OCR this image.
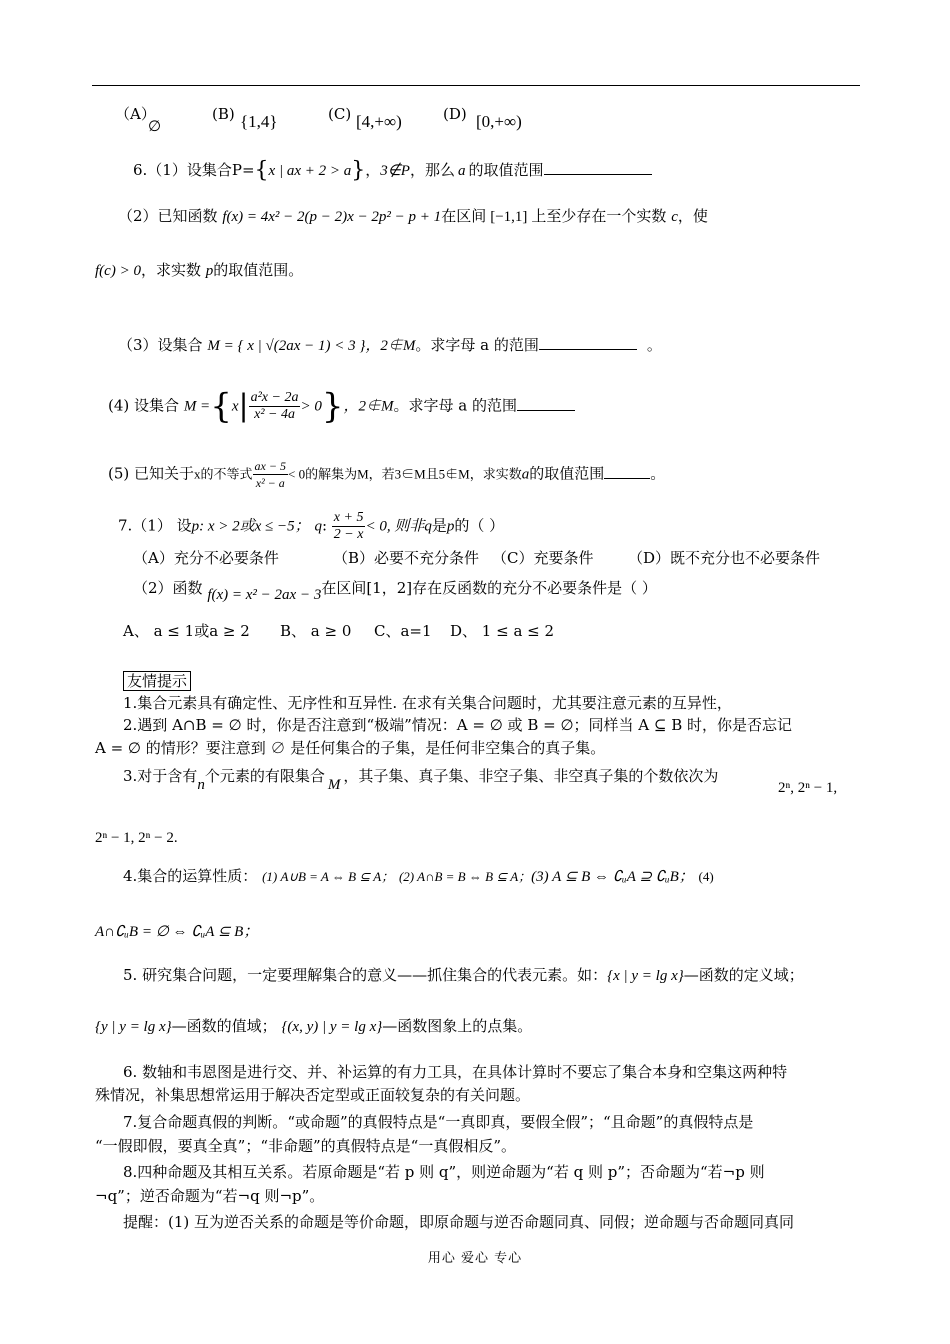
（A）
∅
(B) {1,4}	(C) [4,+∞)	(D) [0,+∞)
6.（1）设集合P={x | ax + 2 > a}，3∉P，那么 a 的取值范围
（2）已知函数 f(x) = 4x² − 2(p − 2)x − 2p² − p + 1在区间 [−1,1] 上至少存在一个实数 c，使
f(c) > 0，求实数 p的取值范围。
（3）设集合 M = { x | √(2ax − 1) < 3 }，2∉M。求字母 a 的范围	。
(4) 设集合 $M =\{x| \frac{\text{a²x − 2a}}{\text{x² − 4a}} > 0\}$，2∉M。求字母 a 的范围
(5) 已知关于x的不等式 $\frac{ax - 5}{\text{x² − a}} < 0$的解集为M，若3∈M且5∉M，求实数a的取值范围	。
7.（1） 设p: x > 2或x ≤ −5； q: $\frac{x + 5}{2 - x} < 0$, 则非q是p的（ ）
（A）充分不必要条件	（B）必要不充分条件 （C）充要条件 （D）既不充分也不必要条件
（2）函数 f(x) = x² − 2ax − 3在区间[1，2]存在反函数的充分不必要条件是（ ）
A、 a ≤ 1或a ≥ 2 B、 a ≥ 0 C、a=1 D、 1 ≤ a ≤ 2
友情提示
1.集合元素具有确定性、无序性和互异性. 在求有关集合问题时，尤其要注意元素的互异性，
2.遇到 A∩B = ∅ 时，你是否注意到“极端”情况：A = ∅ 或 B = ∅；同样当 A ⊆ B 时，你是否忘记
A = ∅ 的情形？要注意到 ∅ 是任何集合的子集，是任何非空集合的真子集。
3.对于含有n个元素的有限集合 M ，其子集、真子集、非空子集、非空真子集的个数依次为
2ⁿ, 2ⁿ − 1,
2ⁿ − 1, 2ⁿ − 2.
4.集合的运算性质： (1) A∪B = A ⇔ B ⊆ A； (2) A∩B = B ⇔ B ⊆ A；(3) A ⊆ B ⇔ ∁ᵤA ⊇ ∁ᵤB； (4)
A∩∁ᵤB = ∅ ⇔ ∁ᵤA ⊆ B；
5. 研究集合问题，一定要理解集合的意义——抓住集合的代表元素。如：{x | y = lg x}—函数的定义域；
{y | y = lg x}—函数的值域； {(x, y) | y = lg x}—函数图象上的点集。
6. 数轴和韦恩图是进行交、并、补运算的有力工具，在具体计算时不要忘了集合本身和空集这两种特
殊情况，补集思想常运用于解决否定型或正面较复杂的有关问题。
7.复合命题真假的判断。“或命题”的真假特点是“一真即真，要假全假”；“且命题”的真假特点是
“一假即假，要真全真”；“非命题”的真假特点是“一真假相反”。
8.四种命题及其相互关系。若原命题是“若 p 则 q”，则逆命题为“若 q 则 p”；否命题为“若¬p 则
¬q”；逆否命题为“若¬q 则¬p”。
提醒：(1) 互为逆否关系的命题是等价命题，即原命题与逆否命题同真、同假；逆命题与否命题同真同
用心 爱心 专心
